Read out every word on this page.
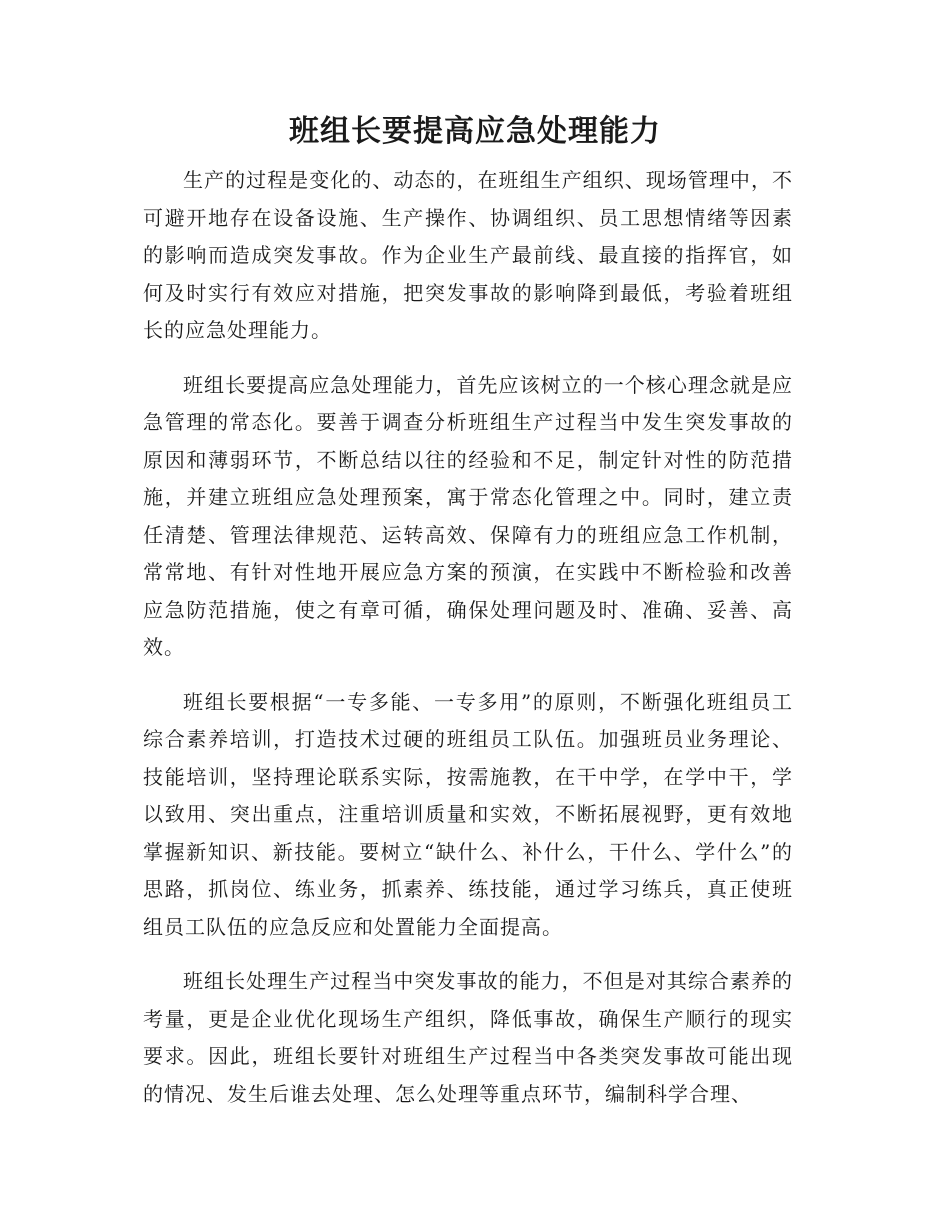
班组长要提高应急处理能力

生产的过程是变化的、动态的，在班组生产组织、现场管理中，不可避开地存在设备设施、生产操作、协调组织、员工思想情绪等因素的影响而造成突发事故。作为企业生产最前线、最直接的指挥官，如何及时实行有效应对措施，把突发事故的影响降到最低，考验着班组长的应急处理能力。

班组长要提高应急处理能力，首先应该树立的一个核心理念就是应急管理的常态化。要善于调查分析班组生产过程当中发生突发事故的原因和薄弱环节，不断总结以往的经验和不足，制定针对性的防范措施，并建立班组应急处理预案，寓于常态化管理之中。同时，建立责任清楚、管理法律规范、运转高效、保障有力的班组应急工作机制，常常地、有针对性地开展应急方案的预演，在实践中不断检验和改善应急防范措施，使之有章可循，确保处理问题及时、准确、妥善、高效。

班组长要根据“一专多能、一专多用”的原则，不断强化班组员工综合素养培训，打造技术过硬的班组员工队伍。加强班员业务理论、技能培训，坚持理论联系实际，按需施教，在干中学，在学中干，学以致用、突出重点，注重培训质量和实效，不断拓展视野，更有效地掌握新知识、新技能。要树立“缺什么、补什么，干什么、学什么”的思路，抓岗位、练业务，抓素养、练技能，通过学习练兵，真正使班组员工队伍的应急反应和处置能力全面提高。

班组长处理生产过程当中突发事故的能力，不但是对其综合素养的考量，更是企业优化现场生产组织，降低事故，确保生产顺行的现实要求。因此，班组长要针对班组生产过程当中各类突发事故可能出现的情况、发生后谁去处理、怎么处理等重点环节，编制科学合理、
